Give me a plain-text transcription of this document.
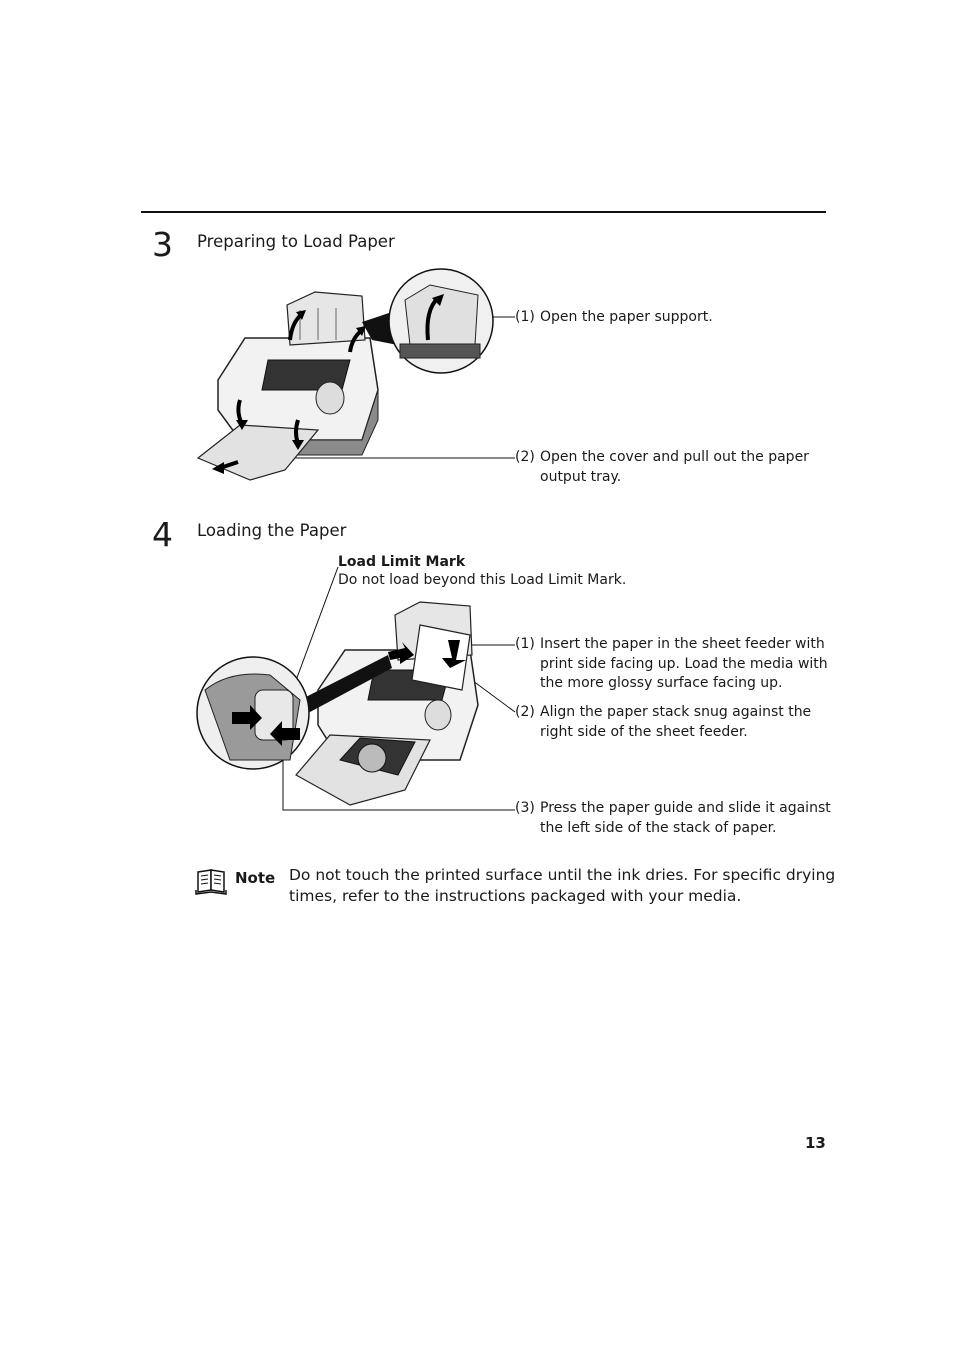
3 Preparing to Load Paper
(1) Open the paper support.
(2) Open the cover and pull out the paper
output tray.
4 Loading the Paper
Load Limit Mark
Do not load beyond this Load Limit Mark.
(1) Insert the paper in the sheet feeder with
print side facing up. Load the media with
the more glossy surface facing up.
(2) Align the paper stack snug against the
right side of the sheet feeder.
(3) Press the paper guide and slide it against
the left side of the stack of paper.
Note Do not touch the printed surface until the ink dries. For specific drying
times, refer to the instructions packaged with your media.
13
